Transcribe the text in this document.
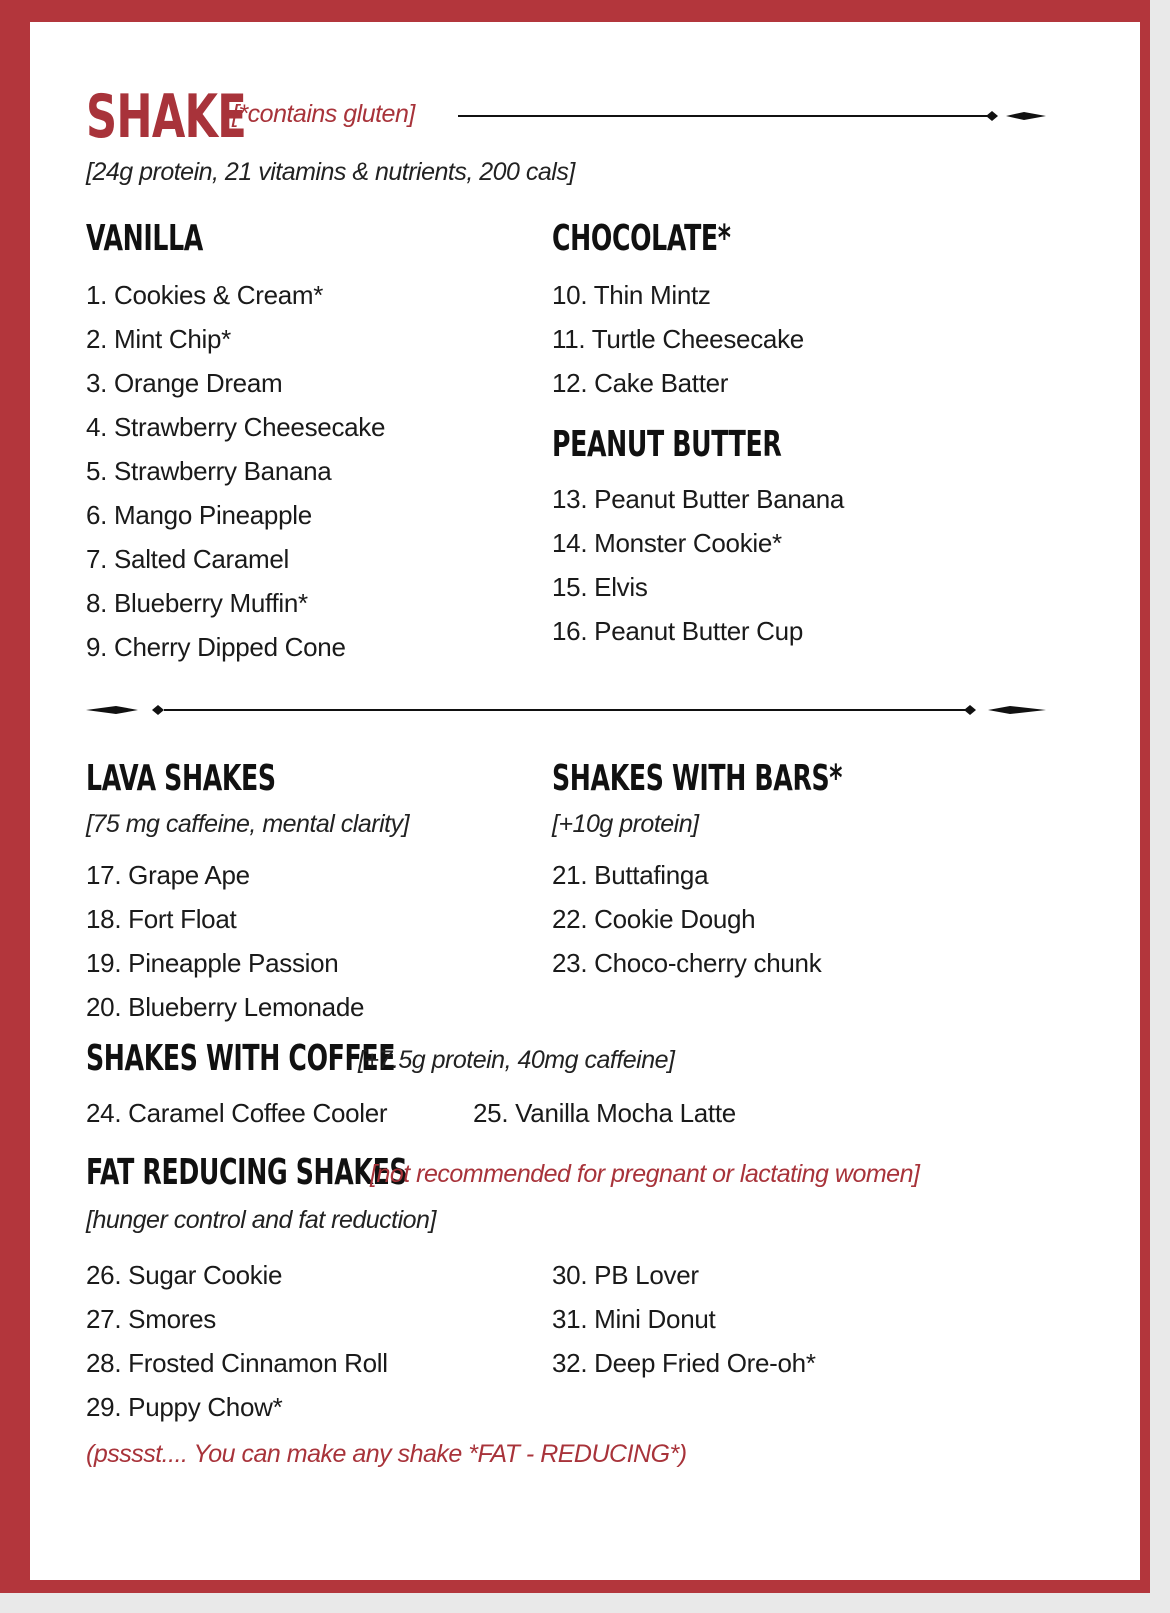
SHAKE
[*contains gluten]
[24g protein, 21 vitamins & nutrients, 200 cals]
VANILLA
1. Cookies & Cream*
2. Mint Chip*
3. Orange Dream
4. Strawberry Cheesecake
5. Strawberry Banana
6. Mango Pineapple
7. Salted Caramel
8. Blueberry Muffin*
9. Cherry Dipped Cone
CHOCOLATE*
10. Thin Mintz
11. Turtle Cheesecake
12. Cake Batter
PEANUT BUTTER
13. Peanut Butter Banana
14. Monster Cookie*
15. Elvis
16. Peanut Butter Cup
LAVA SHAKES
[75 mg caffeine, mental clarity]
17. Grape Ape
18. Fort Float
19. Pineapple Passion
20. Blueberry Lemonade
SHAKES WITH BARS*
[+10g protein]
21. Buttafinga
22. Cookie Dough
23. Choco-cherry chunk
SHAKES WITH COFFEE
[+7.5g protein, 40mg caffeine]
24. Caramel Coffee Cooler	25. Vanilla Mocha Latte
FAT REDUCING SHAKES
[not recommended for pregnant or lactating women]
[hunger control and fat reduction]
26. Sugar Cookie
27. Smores
28. Frosted Cinnamon Roll
29. Puppy Chow*
30. PB Lover
31. Mini Donut
32. Deep Fried Ore-oh*
(psssst.... You can make any shake *FAT - REDUCING*)
